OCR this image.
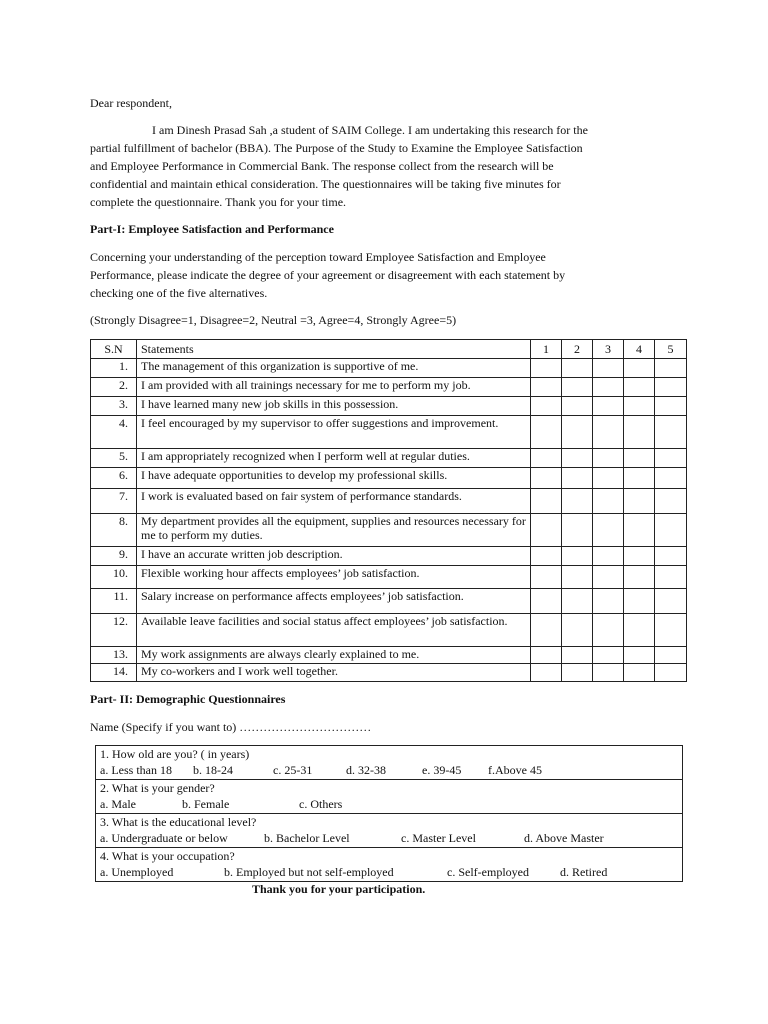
Dear respondent,
I am Dinesh Prasad Sah ,a student of SAIM College. I am undertaking this research for the
partial fulfillment of bachelor (BBA). The Purpose of the Study to Examine the Employee Satisfaction
and Employee Performance in Commercial Bank. The response collect from the research will be
confidential and maintain ethical consideration. The questionnaires will be taking five minutes for
complete the questionnaire. Thank you for your time.
Part-I: Employee Satisfaction and Performance
Concerning your understanding of the perception toward Employee Satisfaction and Employee
Performance, please indicate the degree of your agreement or disagreement with each statement by
checking one of the five alternatives.
(Strongly Disagree=1, Disagree=2, Neutral =3, Agree=4, Strongly Agree=5)
S.N	Statements	1	2	3	4	5
1.	The management of this organization is supportive of me.					
2.	I am provided with all trainings necessary for me to perform my job.					
3.	I have learned many new job skills in this possession.					
4.	I feel encouraged by my supervisor to offer suggestions and improvement.					
5.	I am appropriately recognized when I perform well at regular duties.					
6.	I have adequate opportunities to develop my professional skills.					
7.	I work is evaluated based on fair system of performance standards.					
8.	My department provides all the equipment, supplies and resources necessary for me to perform my duties.					
9.	I have an accurate written job description.					
10.	Flexible working hour affects employees’ job satisfaction.					
11.	Salary increase on performance affects employees’ job satisfaction.					
12.	Available leave facilities and social status affect employees’ job satisfaction.					
13.	My work assignments are always clearly explained to me.					
14.	My co-workers and I work well together.					
Part- II: Demographic Questionnaires
Name (Specify if you want to) ……………………………
1. How old are you? ( in years)
a. Less than 18 b. 18-24	c. 25-31	d. 32-38	e. 39-45 f.Above 45

2. What is your gender?
a. Male	b. Female	c. Others

3. What is the educational level?
a. Undergraduate or below	b. Bachelor Level	c. Master Level	d. Above Master

4. What is your occupation?
a. Unemployed	b. Employed but not self-employed	c. Self-employed	d. Retired
Thank you for your participation.
